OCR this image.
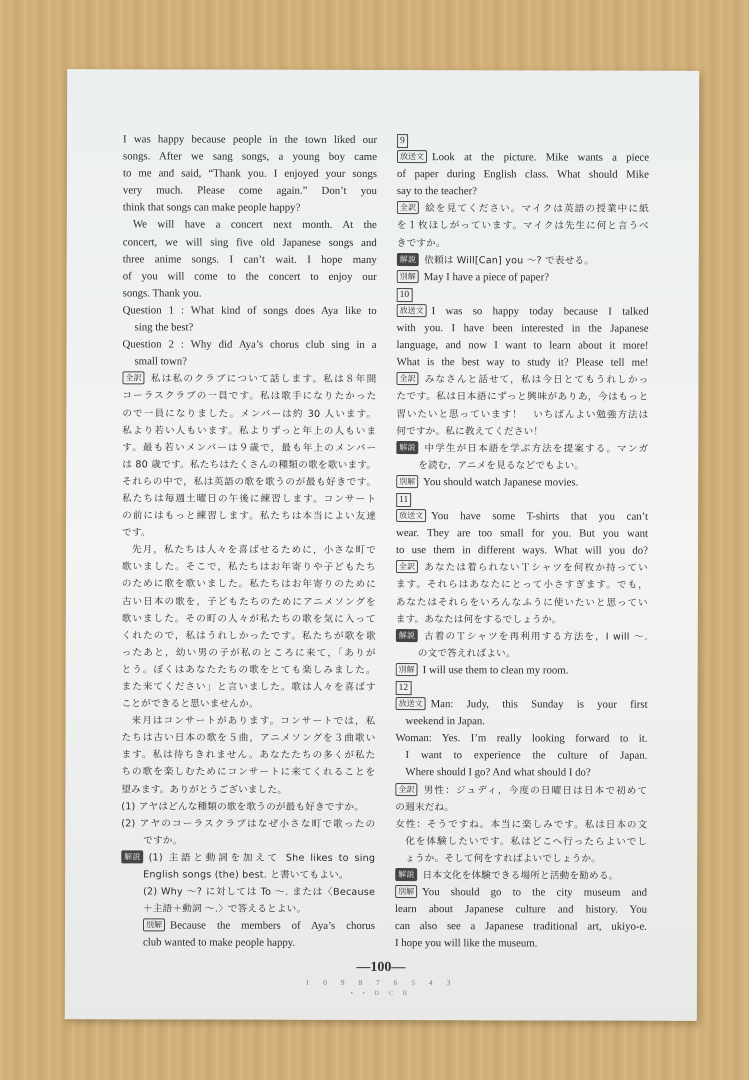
I was happy because people in the town liked our
songs. After we sang songs, a young boy came
to me and said, “Thank you. I enjoyed your songs
very much. Please come again.” Don’t you
think that songs can make people happy?
We will have a concert next month. At the
concert, we will sing five old Japanese songs and
three anime songs. I can’t wait. I hope many
of you will come to the concert to enjoy our
songs. Thank you.
Question 1 : What kind of songs does Aya like to
sing the best?
Question 2 : Why did Aya’s chorus club sing in a
small town?
全訳 私は私のクラブについて話します。私は８年間
コーラスクラブの一員です。私は歌手になりたかった
ので一員になりました。メンバーは約 30 人います。
私より若い人もいます。私よりずっと年上の人もいま
す。最も若いメンバーは９歳で，最も年上のメンバー
は 80 歳です。私たちはたくさんの種類の歌を歌います。
それらの中で，私は英語の歌を歌うのが最も好きです。
私たちは毎週土曜日の午後に練習します。コンサート
の前にはもっと練習します。私たちは本当によい友達
です。
先月，私たちは人々を喜ばせるために，小さな町で
歌いました。そこで，私たちはお年寄りや子どもたち
のために歌を歌いました。私たちはお年寄りのために
古い日本の歌を，子どもたちのためにアニメソングを
歌いました。その町の人々が私たちの歌を気に入って
くれたので，私はうれしかったです。私たちが歌を歌
ったあと，幼い男の子が私のところに来て，「ありが
とう。ぼくはあなたたちの歌をとても楽しみました。
また来てください」と言いました。歌は人々を喜ばす
ことができると思いませんか。
来月はコンサートがあります。コンサートでは，私
たちは古い日本の歌を５曲，アニメソングを３曲歌い
ます。私は待ちきれません。あなたたちの多くが私た
ちの歌を楽しむためにコンサートに来てくれることを
望みます。ありがとうございました。
(1) アヤはどんな種類の歌を歌うのが最も好きですか。
(2) アヤのコーラスクラブはなぜ小さな町で歌ったの
ですか。
解説 (1) 主語と動詞を加えて She likes to sing
English songs (the) best. と書いてもよい。
(2) Why ～? に対しては To ～. または〈Because
＋主語＋動詞 ～.〉で答えるとよい。
別解 Because the members of Aya’s chorus
club wanted to make people happy.
9
放送文 Look at the picture. Mike wants a piece
of paper during English class. What should Mike
say to the teacher?
全訳 絵を見てください。マイクは英語の授業中に紙
を１枚ほしがっています。マイクは先生に何と言うべ
きですか。
解説 依頼は Will[Can] you ～? で表せる。
別解 May I have a piece of paper?
10
放送文 I was so happy today because I talked
with you. I have been interested in the Japanese
language, and now I want to learn about it more!
What is the best way to study it? Please tell me!
全訳 みなさんと話せて，私は今日とてもうれしかっ
たです。私は日本語にずっと興味がありあ，今はもっと
習いたいと思っています！　いちばんよい勉強方法は
何ですか。私に教えてください！
解説 中学生が日本語を学ぶ方法を提案する。マンガ
を読む，アニメを見るなどでもよい。
別解 You should watch Japanese movies.
11
放送文 You have some T-shirts that you can’t
wear. They are too small for you. But you want
to use them in different ways. What will you do?
全訳 あなたは着られないＴシャツを何枚か持ってい
ます。それらはあなたにとって小さすぎます。でも，
あなたはそれらをいろんなふうに使いたいと思ってい
ます。あなたは何をするでしょうか。
解説 古着のＴシャツを再利用する方法を，I will ～.
の文で答えればよい。
別解 I will use them to clean my room.
12
放送文 Man: Judy, this Sunday is your first
weekend in Japan.
Woman: Yes. I’m really looking forward to it.
I want to experience the culture of Japan.
Where should I go? And what should I do?
全訳 男性：ジュディ，今度の日曜日は日本で初めて
の週末だね。
女性：そうですね。本当に楽しみです。私は日本の文
化を体験したいです。私はどこへ行ったらよいでし
ょうか。そして何をすればよいでしょうか。
解説 日本文化を体験できる場所と活動を勧める。
別解 You should go to the city museum and
learn about Japanese culture and history. You
can also see a Japanese traditional art, ukiyo-e.
I hope you will like the museum.
—100—
1 0 9 8 7 6 5 4 3
• • D C B
